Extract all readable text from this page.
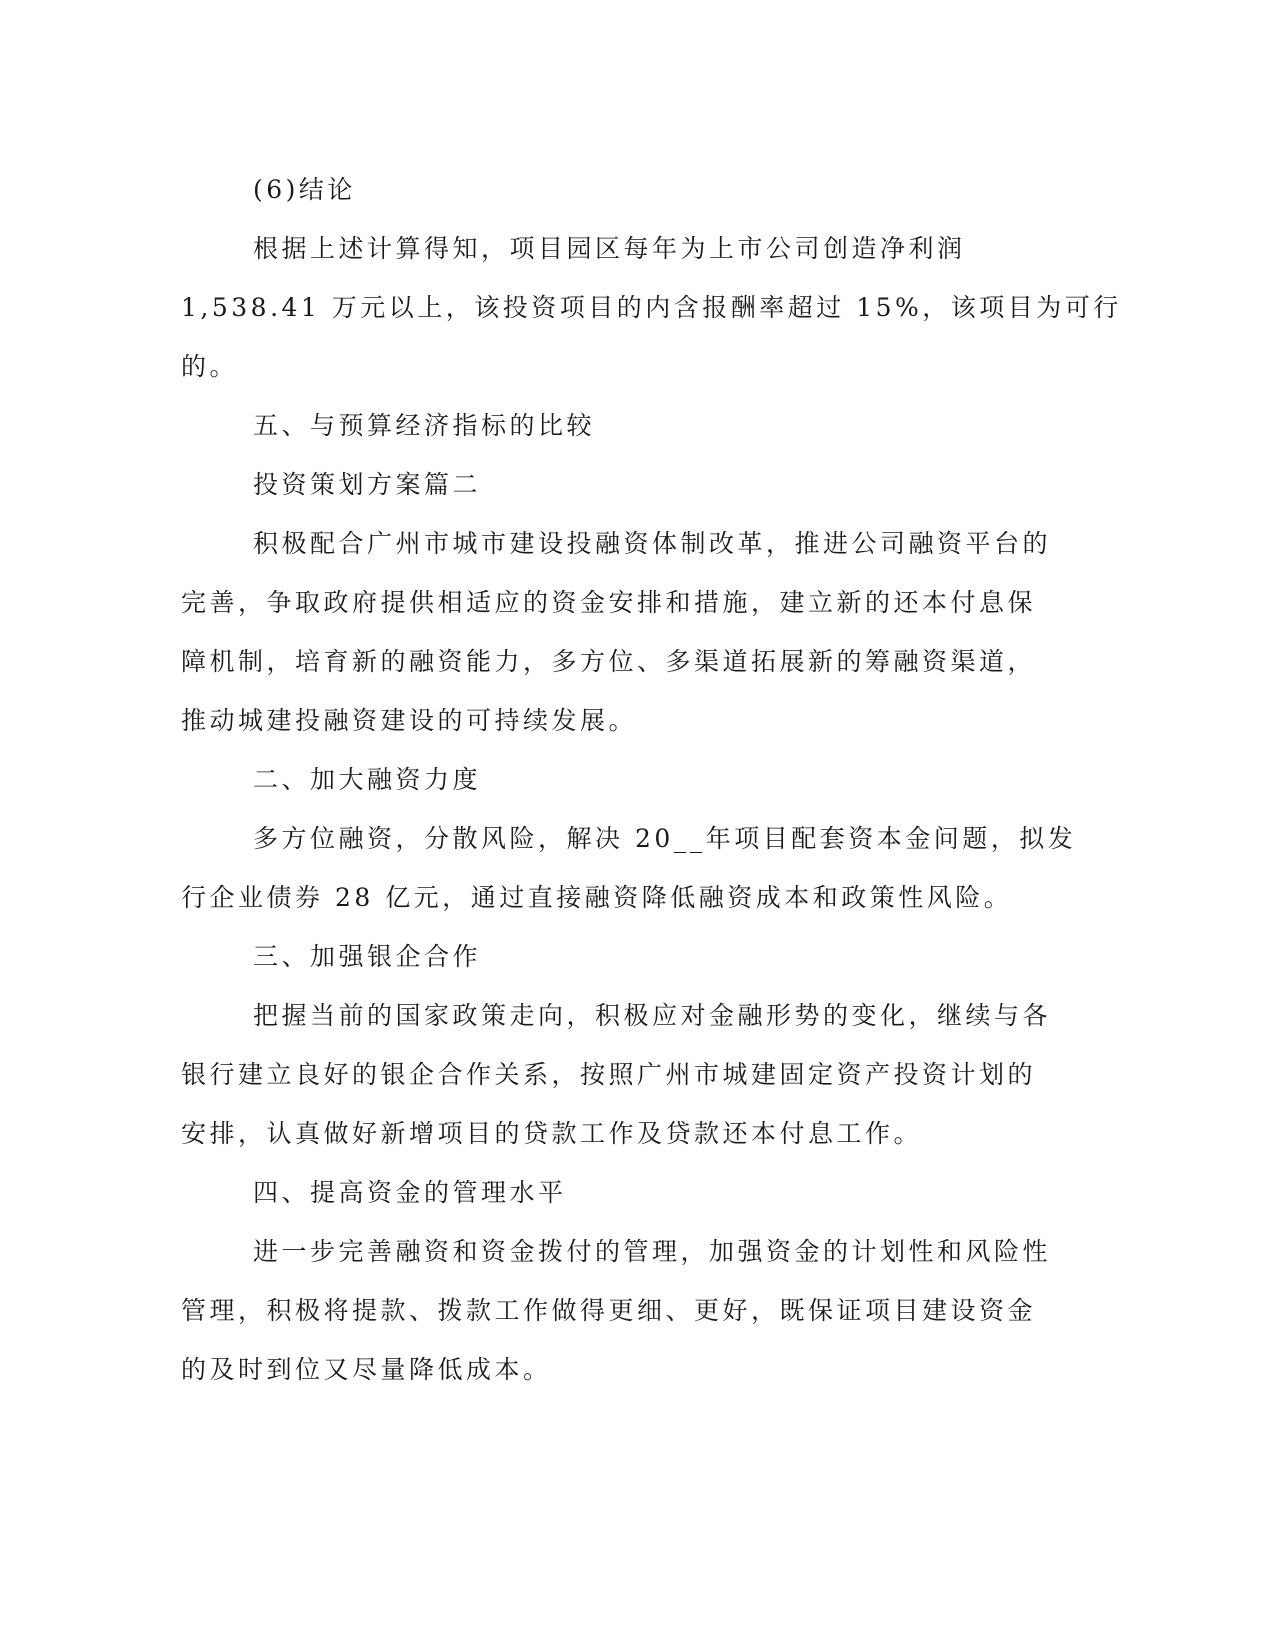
(6)结论
根据上述计算得知，项目园区每年为上市公司创造净利润
1,538.41 万元以上，该投资项目的内含报酬率超过 15%，该项目为可行
的。
五、与预算经济指标的比较
投资策划方案篇二
积极配合广州市城市建设投融资体制改革，推进公司融资平台的
完善，争取政府提供相适应的资金安排和措施，建立新的还本付息保
障机制，培育新的融资能力，多方位、多渠道拓展新的筹融资渠道，
推动城建投融资建设的可持续发展。
二、加大融资力度
多方位融资，分散风险，解决 20__年项目配套资本金问题，拟发
行企业债券 28 亿元，通过直接融资降低融资成本和政策性风险。
三、加强银企合作
把握当前的国家政策走向，积极应对金融形势的变化，继续与各
银行建立良好的银企合作关系，按照广州市城建固定资产投资计划的
安排，认真做好新增项目的贷款工作及贷款还本付息工作。
四、提高资金的管理水平
进一步完善融资和资金拨付的管理，加强资金的计划性和风险性
管理，积极将提款、拨款工作做得更细、更好，既保证项目建设资金
的及时到位又尽量降低成本。
